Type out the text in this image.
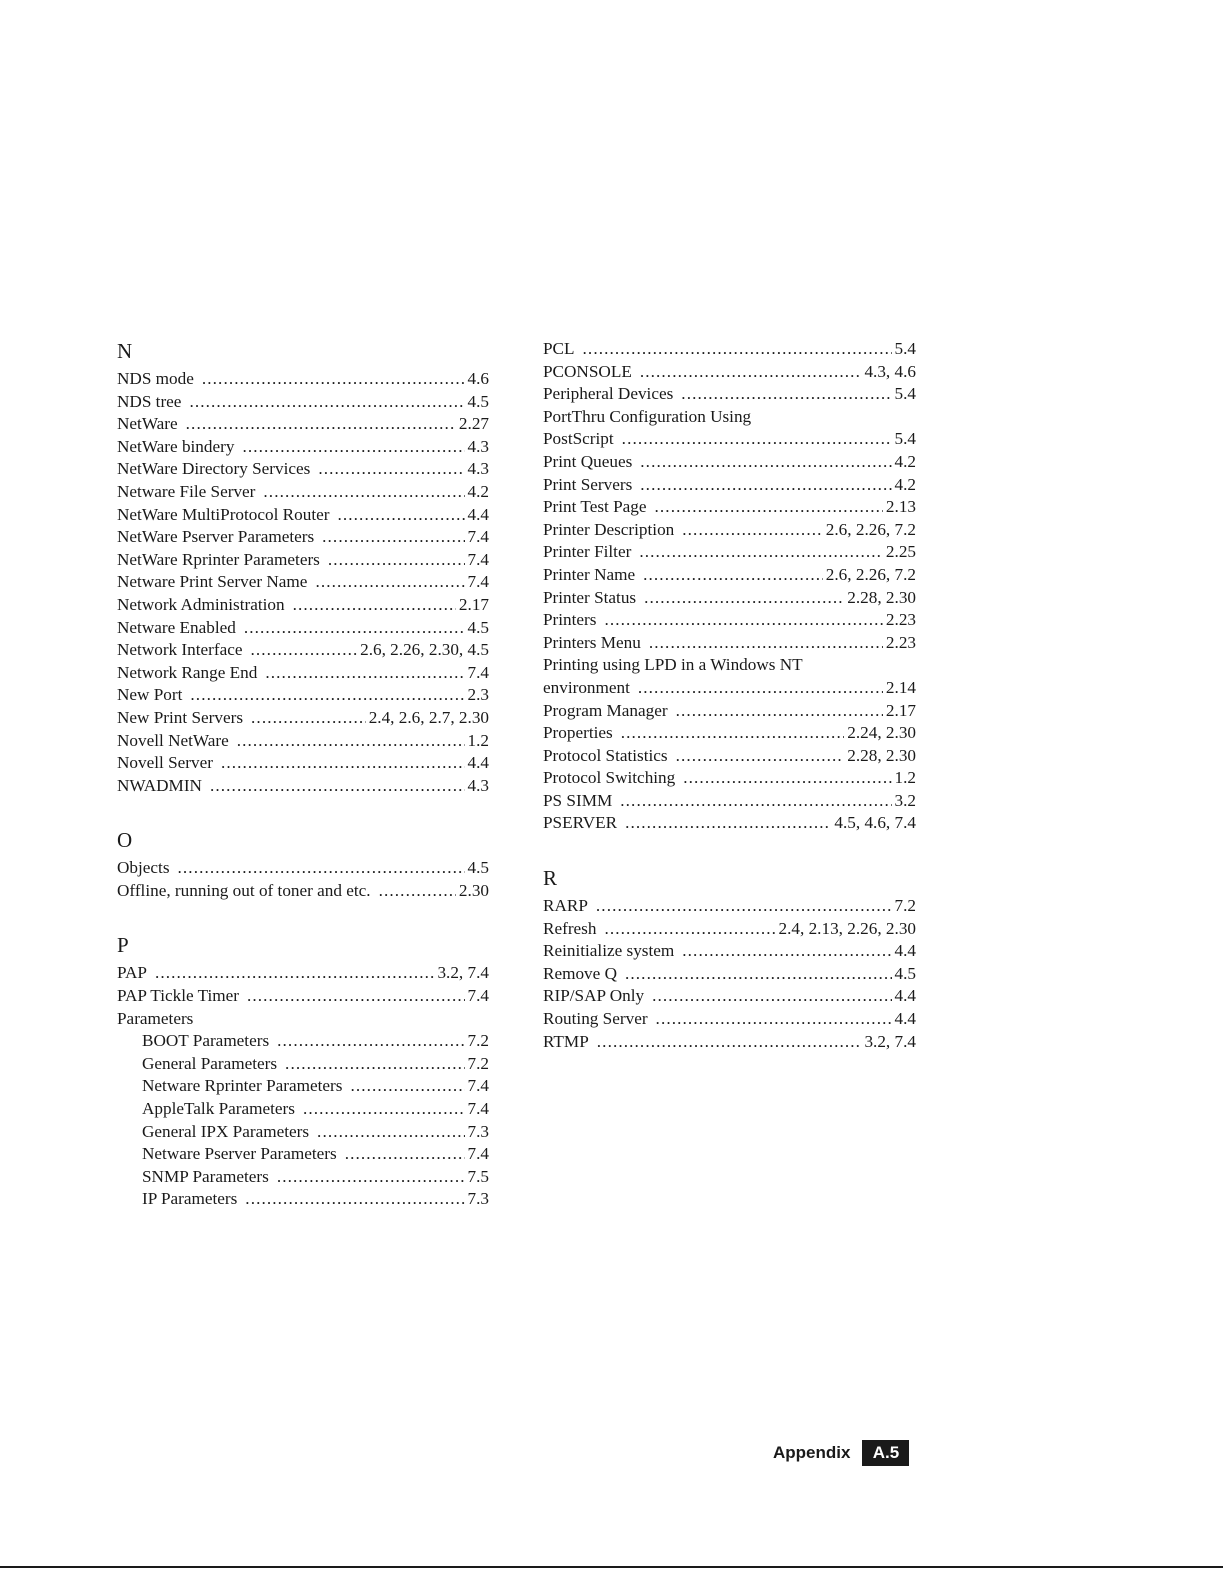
N
NDS mode . . .	4.6
NDS tree . . .	4.5
NetWare . . .	2.27
NetWare bindery . . .	4.3
NetWare Directory Services . . .	4.3
Netware File Server . . .	4.2
NetWare MultiProtocol Router . . .	4.4
NetWare Pserver Parameters . . .	7.4
NetWare Rprinter Parameters . . .	7.4
Netware Print Server Name . . .	7.4
Network Administration . . .	2.17
Netware Enabled . . .	4.5
Network Interface . . .	2.6, 2.26, 2.30, 4.5
Network Range End . . .	7.4
New Port . . .	2.3
New Print Servers . . .	2.4, 2.6, 2.7, 2.30
Novell NetWare . . .	1.2
Novell Server . . .	4.4
NWADMIN . . .	4.3
O
Objects . . .	4.5
Offline, running out of toner and etc. . . .	2.30
P
PAP . . .	3.2, 7.4
PAP Tickle Timer . . .	7.4
Parameters
BOOT Parameters . . .	7.2
General Parameters . . .	7.2
Netware Rprinter Parameters . . .	7.4
AppleTalk Parameters . . .	7.4
General IPX Parameters . . .	7.3
Netware Pserver Parameters . . .	7.4
SNMP Parameters . . .	7.5
IP Parameters . . .	7.3
PCL . . .	5.4
PCONSOLE . . .	4.3, 4.6
Peripheral Devices . . .	5.4
PortThru Configuration Using
PostScript . . .	5.4
Print Queues . . .	4.2
Print Servers . . .	4.2
Print Test Page . . .	2.13
Printer Description . . .	2.6, 2.26, 7.2
Printer Filter . . .	2.25
Printer Name . . .	2.6, 2.26, 7.2
Printer Status . . .	2.28, 2.30
Printers . . .	2.23
Printers Menu . . .	2.23
Printing using LPD in a Windows NT
environment . . .	2.14
Program Manager . . .	2.17
Properties . . .	2.24, 2.30
Protocol Statistics . . .	2.28, 2.30
Protocol Switching . . .	1.2
PS SIMM . . .	3.2
PSERVER . . .	4.5, 4.6, 7.4
R
RARP . . .	7.2
Refresh . . .	2.4, 2.13, 2.26, 2.30
Reinitialize system . . .	4.4
Remove Q . . .	4.5
RIP/SAP Only . . .	4.4
Routing Server . . .	4.4
RTMP . . .	3.2, 7.4
Appendix	A.5
